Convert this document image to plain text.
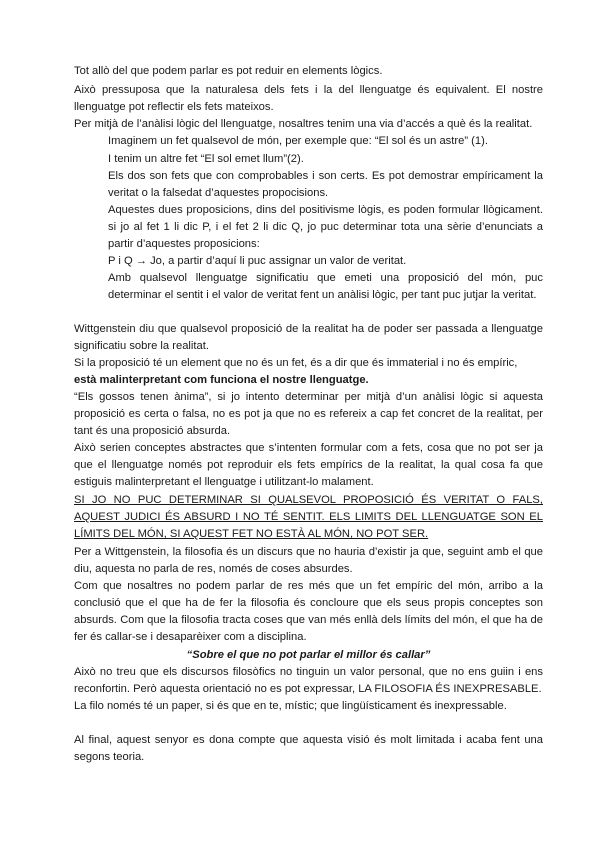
Tot allò del que podem parlar es pot reduir en elements lògics.

Això pressuposa que la naturalesa dels fets i la del llenguatge és equivalent. El nostre llenguatge pot reflectir els fets mateixos.

Per mitjà de l’anàlisi lògic del llenguatge, nosaltres tenim una via d’accés a què és la realitat.

Imaginem un fet qualsevol de món, per exemple que: “El sol és un astre” (1).

I tenim un altre fet “El sol emet llum”(2).

Els dos son fets que con comprobables i son certs. Es pot demostrar empíricament la veritat o la falsedat d’aquestes propocisions.

Aquestes dues proposicions, dins del positivisme lògis, es poden formular llògicament. si jo al fet 1 li dic P, i el fet 2 li dic Q, jo puc determinar tota una sèrie d’enunciats a partir d’aquestes proposicions:

P i Q → Jo, a partir d’aquí li puc assignar un valor de veritat.

Amb qualsevol llenguatge significatiu que emeti una proposició del món, puc determinar el sentit i el valor de veritat fent un anàlisi lògic, per tant puc jutjar la veritat.

Wittgenstein diu que qualsevol proposició de la realitat ha de poder ser passada a llenguatge significatiu sobre la realitat.

Si la proposició té un element que no és un fet, és a dir que és immaterial i no és empíric,

està malinterpretant com funciona el nostre llenguatge.

“Els gossos tenen ànima”, si jo intento determinar per mitjà d’un anàlisi lògic si aquesta proposició es certa o falsa, no es pot ja que no es refereix a cap fet concret de la realitat, per tant és una proposició absurda.

Això serien conceptes abstractes que s’intenten formular com a fets, cosa que no pot ser ja que el llenguatge només pot reproduir els fets empírics de la realitat, la qual cosa fa que estiguis malinterpretant el llenguatge i utilitzant-lo malament.

SI JO NO PUC DETERMINAR SI QUALSEVOL PROPOSICIÓ ÉS VERITAT O FALS, AQUEST JUDICI ÉS ABSURD I NO TÉ SENTIT. ELS LIMITS DEL LLENGUATGE SON EL LÍMITS DEL MÓN, SI AQUEST FET NO ESTÀ AL MÓN, NO POT SER.

Per a Wittgenstein, la filosofia és un discurs que no hauria d’existir ja que, seguint amb el que diu, aquesta no parla de res, només de coses absurdes.

Com que nosaltres no podem parlar de res més que un fet empíric del món, arribo a la conclusió que el que ha de fer la filosofia és concloure que els seus propis conceptes son absurds. Com que la filosofia tracta coses que van més enllà dels límits del món, el que ha de fer és callar-se i desaparèixer com a disciplina.

“Sobre el que no pot parlar el millor és callar”

Això no treu que els discursos filosòfics no tinguin un valor personal, que no ens guiin i ens reconfortin. Però aquesta orientació no es pot expressar, LA FILOSOFIA ÉS INEXPRESABLE.

La filo només té un paper, si és que en te, místic; que lingüísticament és inexpressable.

Al final, aquest senyor es dona compte que aquesta visió és molt limitada i acaba fent una segons teoria.
